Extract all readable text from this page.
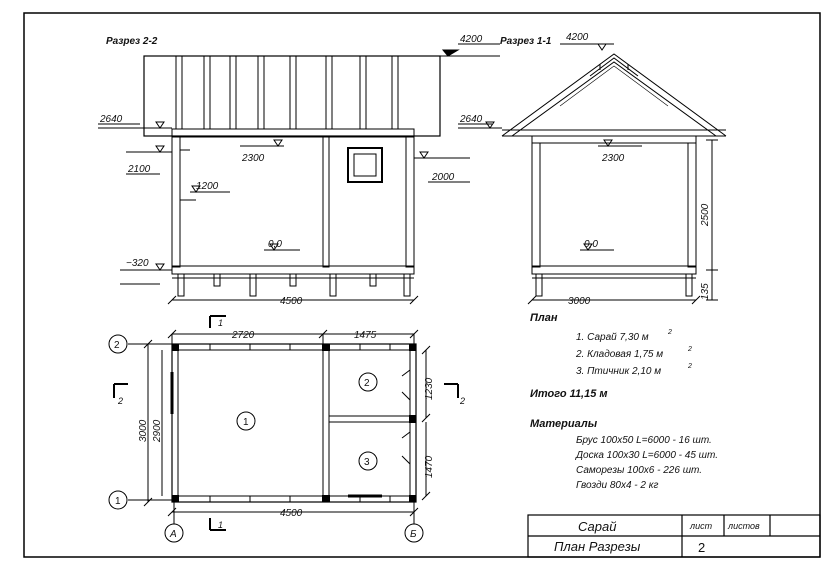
Разрез 2-2	4200
2640
2100
2300
2000
1200
0,0
−320
4500
Разрез 1-1 4200
2640
2300
0,0
3000
2500
135
2
1
А	Б
1
2
3
1
1
2	2
2720	1475
4500
3000 2900
1230
1470
План
1. Сарай 7,30 м	2
2. Кладовая 1,75 м	2
3. Птичник 2,10 м	2
Итого 11,15 м
Материалы
Брус 100х50 L=6000 - 16 шт.
Доска 100х30 L=6000 - 45 шт.
Саморезы 100х6 - 226 шт.
Гвозди 80х4 - 2 кг
Сарай	лист листов
План Разрезы	2
